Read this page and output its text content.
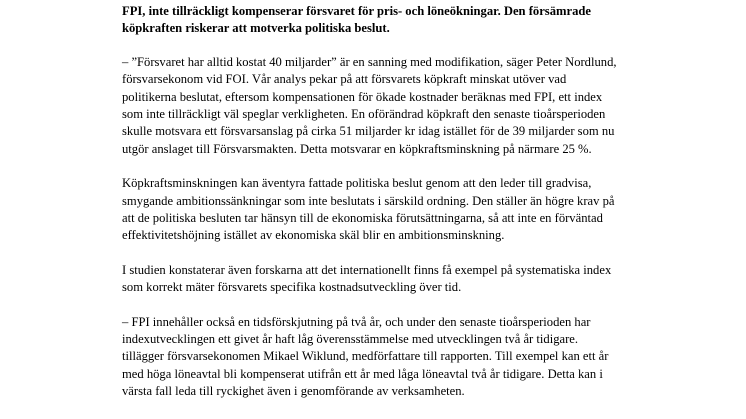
FPI, inte tillräckligt kompenserar försvaret för pris- och löneökningar. Den försämrade
köpkraften riskerar att motverka politiska beslut.
– ”Försvaret har alltid kostat 40 miljarder” är en sanning med modifikation, säger Peter Nordlund,
försvarsekonom vid FOI. Vår analys pekar på att försvarets köpkraft minskat utöver vad
politikerna beslutat, eftersom kompensationen för ökade kostnader beräknas med FPI, ett index
som inte tillräckligt väl speglar verkligheten. En oförändrad köpkraft den senaste tioårsperioden
skulle motsvara ett försvarsanslag på cirka 51 miljarder kr idag istället för de 39 miljarder som nu
utgör anslaget till Försvarsmakten. Detta motsvarar en köpkraftsminskning på närmare 25 %.
Köpkraftsminskningen kan äventyra fattade politiska beslut genom att den leder till gradvisa,
smygande ambitionssänkningar som inte beslutats i särskild ordning. Den ställer än högre krav på
att de politiska besluten tar hänsyn till de ekonomiska förutsättningarna, så att inte en förväntad
effektivitetshöjning istället av ekonomiska skäl blir en ambitionsminskning.
I studien konstaterar även forskarna att det internationellt finns få exempel på systematiska index
som korrekt mäter försvarets specifika kostnadsutveckling över tid.
– FPI innehåller också en tidsförskjutning på två år, och under den senaste tioårsperioden har
indexutvecklingen ett givet år haft låg överensstämmelse med utvecklingen två år tidigare.
tillägger försvarsekonomen Mikael Wiklund, medförfattare till rapporten. Till exempel kan ett år
med höga löneavtal bli kompenserat utifrån ett år med låga löneavtal två år tidigare. Detta kan i
värsta fall leda till ryckighet även i genomförande av verksamheten.
